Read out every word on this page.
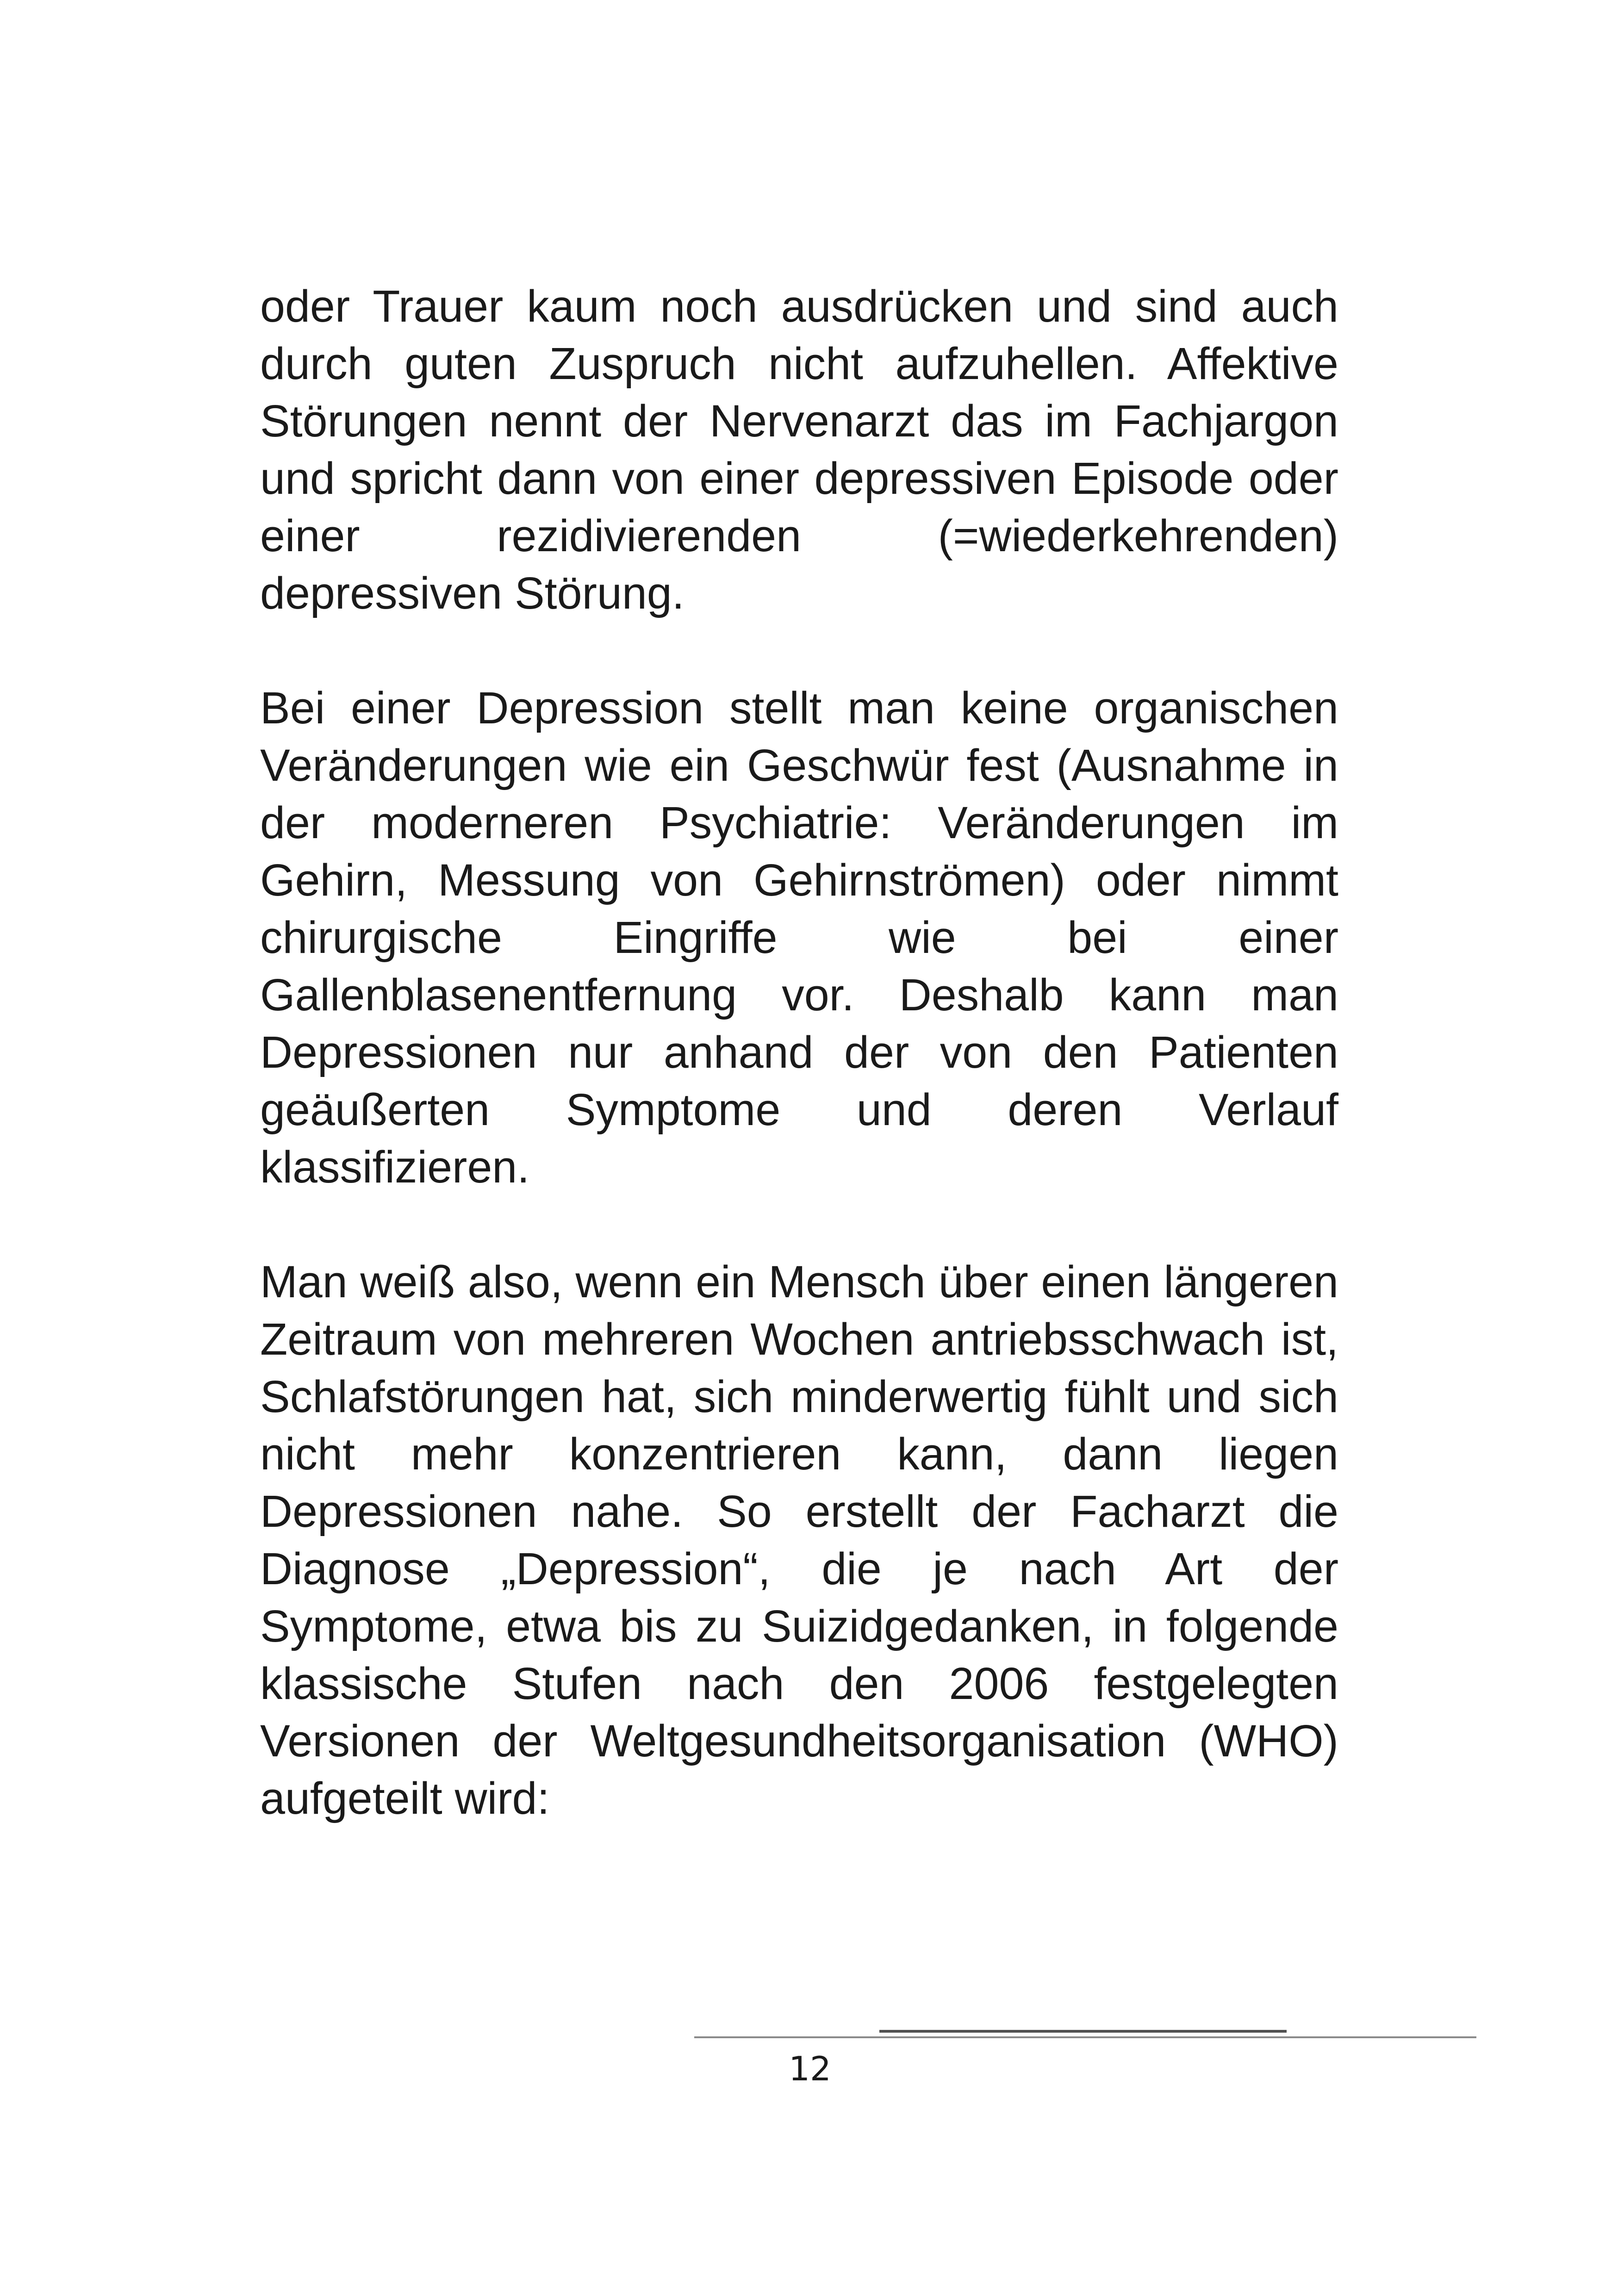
oder Trauer kaum noch ausdrücken und sind auch durch guten Zuspruch nicht aufzuhellen. Affektive Störungen nennt der Nervenarzt das im Fachjargon und spricht dann von einer depressiven Episode oder einer rezidivierenden (=wiederkehrenden) depressiven Störung.

Bei einer Depression stellt man keine organischen Veränderungen wie ein Geschwür fest (Ausnahme in der moderneren Psychiatrie: Veränderungen im Gehirn, Messung von Gehirnströmen) oder nimmt chirurgische Eingriffe wie bei einer Gallenblasenentfernung vor. Deshalb kann man Depressionen nur anhand der von den Patienten geäußerten Symptome und deren Verlauf klassifizieren.

Man weiß also, wenn ein Mensch über einen längeren Zeitraum von mehreren Wochen antriebsschwach ist, Schlafstörungen hat, sich minderwertig fühlt und sich nicht mehr konzentrieren kann, dann liegen Depressionen nahe. So erstellt der Facharzt die Diagnose „Depression“, die je nach Art der Symptome, etwa bis zu Suizidgedanken, in folgende klassische Stufen nach den 2006 festgelegten Versionen der Weltgesundheitsorganisation (WHO) aufgeteilt wird:

12
